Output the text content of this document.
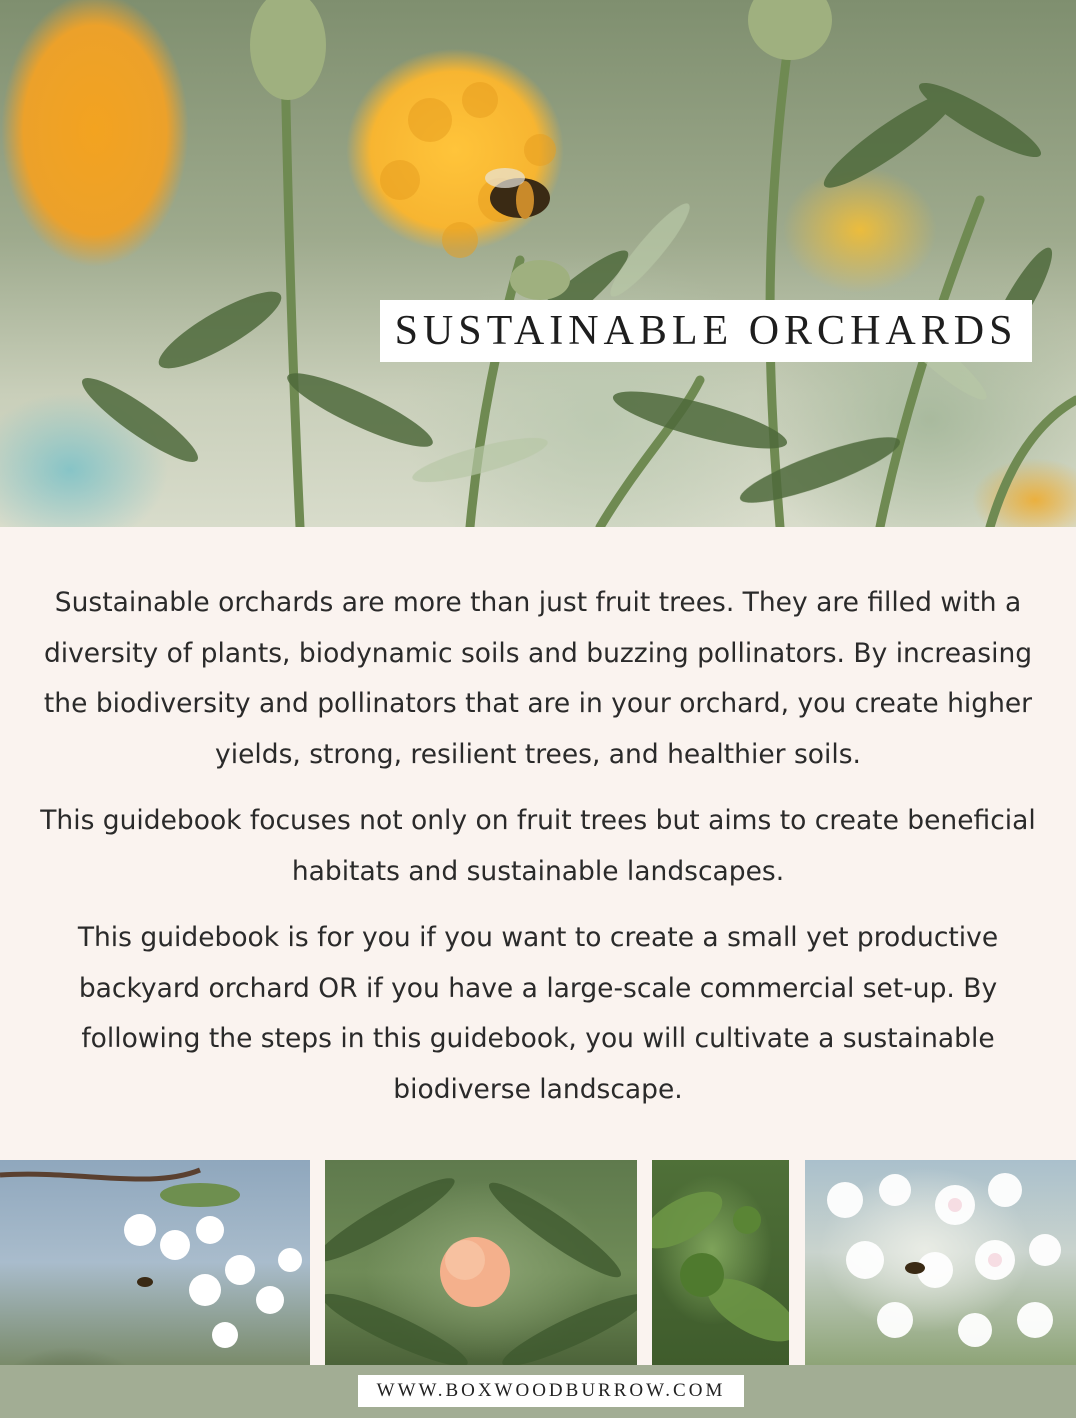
SUSTAINABLE ORCHARDS

Sustainable orchards are more than just fruit trees. They are filled with a diversity of plants, biodynamic soils and buzzing pollinators. By increasing the biodiversity and pollinators that are in your orchard, you create higher yields, strong, resilient trees, and healthier soils.

This guidebook focuses not only on fruit trees but aims to create beneficial habitats and sustainable landscapes.

This guidebook is for you if you want to create a small yet productive backyard orchard OR if you have a large-scale commercial set-up. By following the steps in this guidebook, you will cultivate a sustainable biodiverse landscape.

WWW.BOXWOODBURROW.COM
